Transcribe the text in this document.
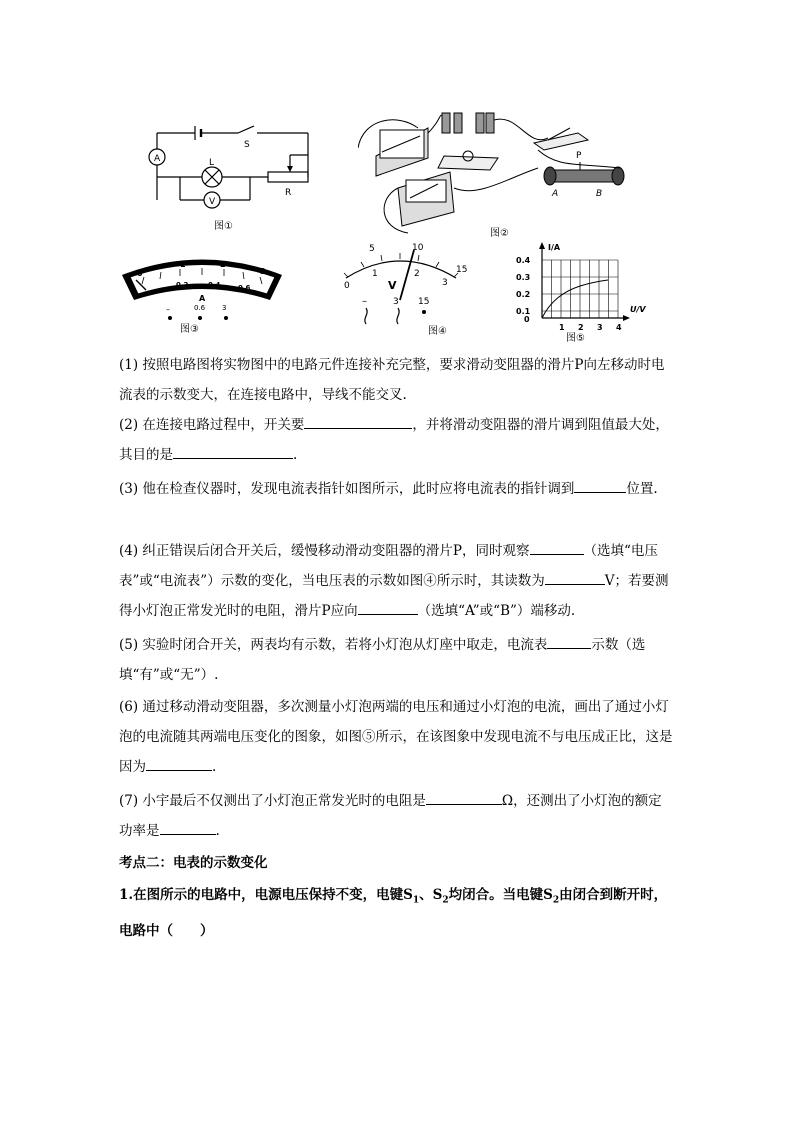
A
S
L
V
R
图①
P
A	B
图②
0
1	2
3
0.2	0.4	0.6
A
0.6 3
–
图③
5	10
15
0
1	2
3
V
–	3 15
图④
I/A
U/V
0.4
0.3
0.2
0.1
0
1 2 3 4
图⑤

(1) 按照电路图将实物图中的电路元件连接补充完整，要求滑动变阻器的滑片P向左移动时电流表的示数变大，在连接电路中，导线不能交叉.

(2) 在连接电路过程中，开关要	，并将滑动变阻器的滑片调到阻值最大处，其目的是	.

(3) 他在检查仪器时，发现电流表指针如图所示，此时应将电流表的指针调到	位置.

(4) 纠正错误后闭合开关后，缓慢移动滑动变阻器的滑片P，同时观察	（选填“电压表”或“电流表”）示数的变化，当电压表的示数如图④所示时，其读数为	V；若要测得小灯泡正常发光时的电阻，滑片P应向	（选填“A”或“B”）端移动.

(5) 实验时闭合开关，两表均有示数，若将小灯泡从灯座中取走，电流表	示数（选填“有”或“无”）.

(6) 通过移动滑动变阻器，多次测量小灯泡两端的电压和通过小灯泡的电流，画出了通过小灯泡的电流随其两端电压变化的图象，如图⑤所示，在该图象中发现电流不与电压成正比，这是因为	.

(7) 小宇最后不仅测出了小灯泡正常发光时的电阻是	Ω，还测出了小灯泡的额定功率是	.

考点二：电表的示数变化

1.在图所示的电路中，电源电压保持不变，电键$S_1$、$S_2$均闭合。当电键$S_2$由闭合到断开时，电路中（　　）
